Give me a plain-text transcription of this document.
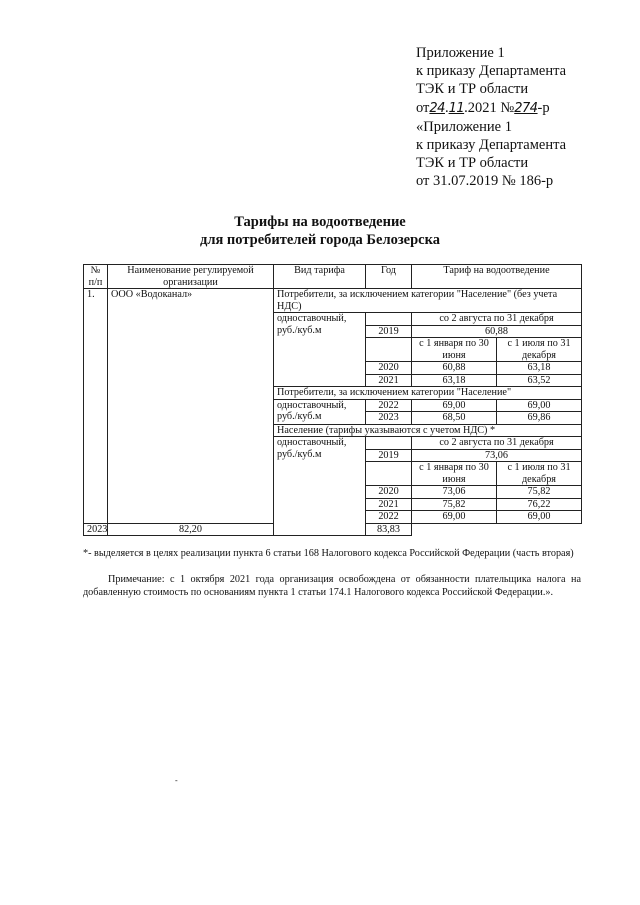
Приложение 1
к приказу Департамента
ТЭК и ТР области
от24.11.2021 №274-р
«Приложение 1
к приказу Департамента
ТЭК и ТР области
от 31.07.2019 № 186-р
Тарифы на водоотведение
для потребителей города Белозерска
№ п/п	Наименование регулируемой организации	Вид тарифа	Год	Тариф на водоотведение	
1.	ООО «Водоканал»	Потребители, за исключением категории "Население" (без учета НДС)			
		одноставочный, руб./куб.м		со 2 августа по 31 декабря	
			2019	60,88	
				с 1 января по 30 июня	с 1 июля по 31 декабря
			2020	60,88	63,18
			2021	63,18	63,52
		Потребители, за исключением категории "Население"			
		одноставочный, руб./куб.м	2022	69,00	69,00
			2023	68,50	69,86
		Население (тарифы указываются с учетом НДС) *			
		одноставочный, руб./куб.м		со 2 августа по 31 декабря	
			2019	73,06	
				с 1 января по 30 июня	с 1 июля по 31 декабря
			2020	73,06	75,82
			2021	75,82	76,22
			2022	69,00	69,00
2023	82,20		83,83		
*- выделяется в целях реализации пункта 6 статьи 168 Налогового кодекса Российской Федерации (часть вторая)
Примечание: с 1 октября 2021 года организация освобождена от обязанности плательщика налога на добавленную стоимость по основаниям пункта 1 статьи 174.1 Налогового кодекса Российской Федерации.».
-
